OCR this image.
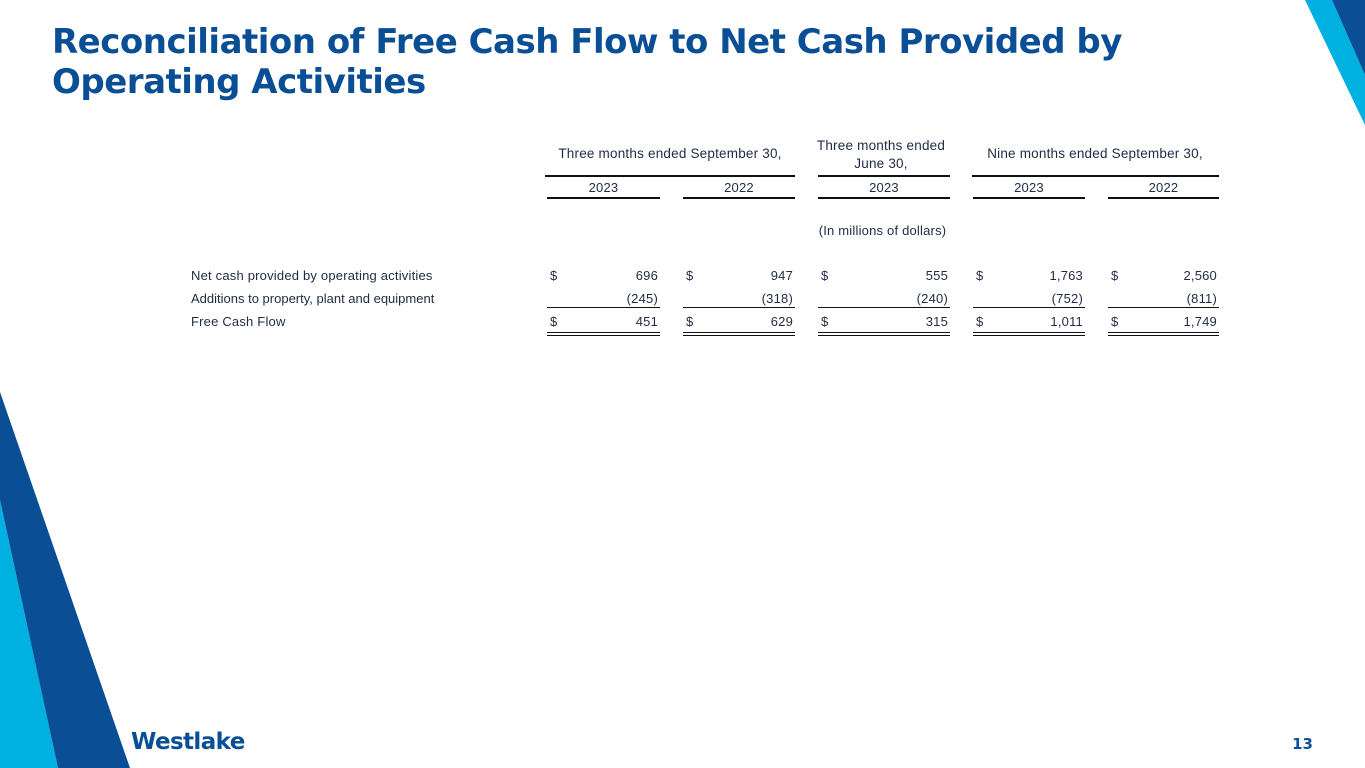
Reconciliation of Free Cash Flow to Net Cash Provided by Operating Activities
Three months ended September 30,
Three months ended
June 30,
Nine months ended September 30,
2023	2022	2023	2023	2022
(In millions of dollars)
Net cash provided by operating activities	$	696 $	947 $	555 $	1,763 $	2,560
Additions to property, plant and equipment	(245)	(318)	(240)	(752)	(811)
Free Cash Flow	$	451 $	629 $	315 $	1,011 $	1,749
Westlake	13
